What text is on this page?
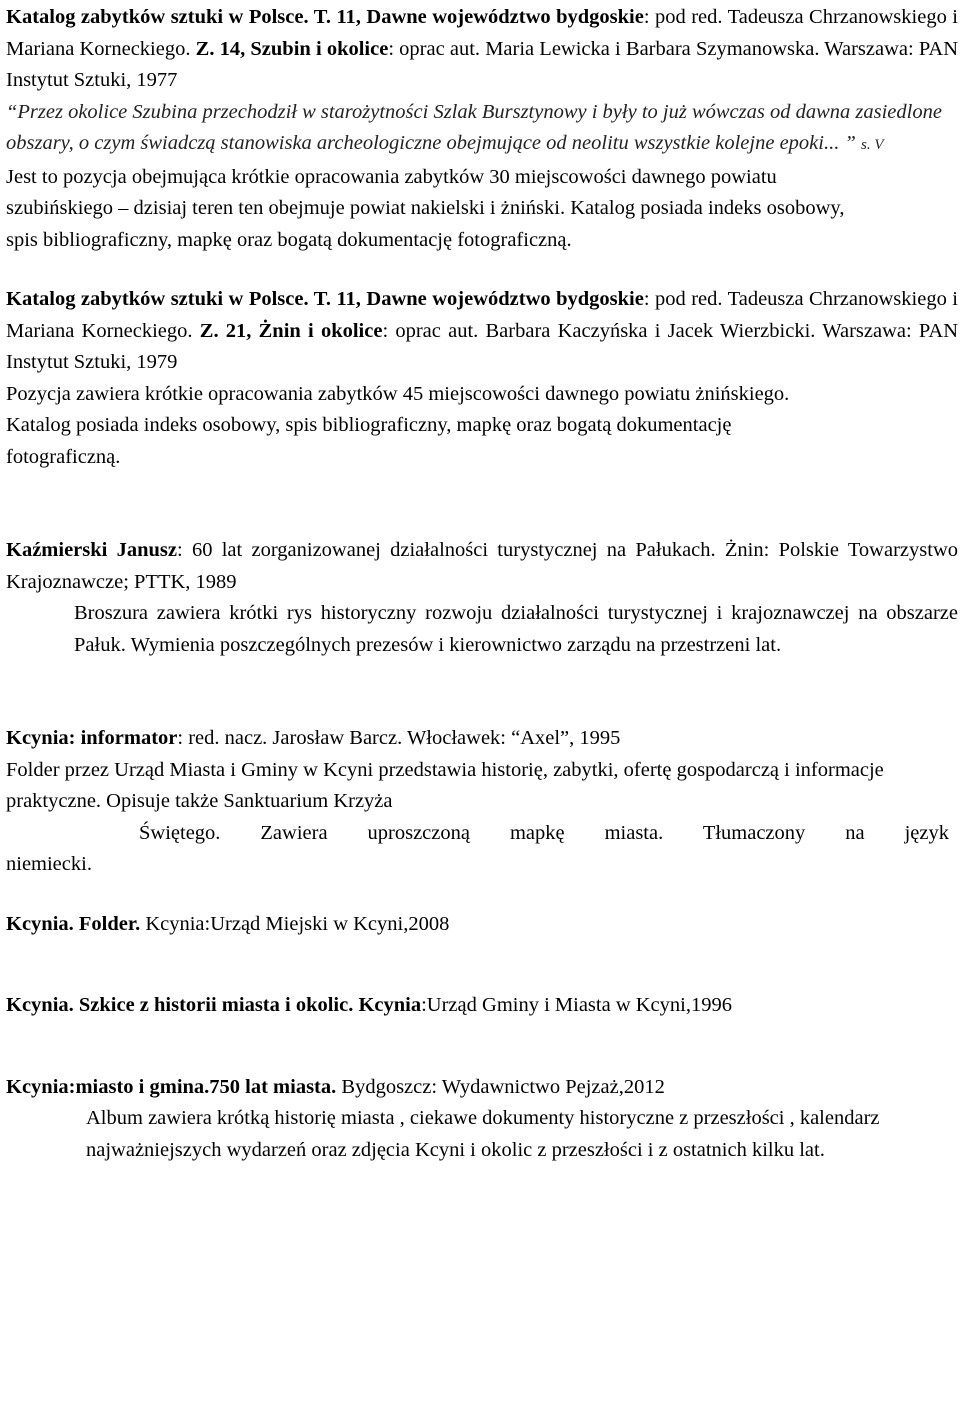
Katalog zabytków sztuki w Polsce. T. 11, Dawne województwo bydgoskie: pod red. Tadeusza Chrzanowskiego i Mariana Korneckiego. Z. 14, Szubin i okolice: oprac aut. Maria Lewicka i Barbara Szymanowska. Warszawa: PAN Instytut Sztuki, 1977

“Przez okolice Szubina przechodził w starożytności Szlak Bursztynowy i były to już wówczas od dawna zasiedlone obszary, o czym świadczą stanowiska archeologiczne obejmujące od neolitu wszystkie kolejne epoki... ” s. V

Jest to pozycja obejmująca krótkie opracowania zabytków 30 miejscowości dawnego powiatu szubińskiego – dzisiaj teren ten obejmuje powiat nakielski i żniński. Katalog posiada indeks osobowy, spis bibliograficzny, mapkę oraz bogatą dokumentację fotograficzną.

Katalog zabytków sztuki w Polsce. T. 11, Dawne województwo bydgoskie: pod red. Tadeusza Chrzanowskiego i Mariana Korneckiego. Z. 21, Żnin i okolice: oprac aut. Barbara Kaczyńska i Jacek Wierzbicki. Warszawa: PAN Instytut Sztuki, 1979

Pozycja zawiera krótkie opracowania zabytków 45 miejscowości dawnego powiatu żnińskiego. Katalog posiada indeks osobowy, spis bibliograficzny, mapkę oraz bogatą dokumentację fotograficzną.

Kaźmierski Janusz: 60 lat zorganizowanej działalności turystycznej na Pałukach. Żnin: Polskie Towarzystwo Krajoznawcze; PTTK, 1989

Broszura zawiera krótki rys historyczny rozwoju działalności turystycznej i krajoznawczej na obszarze Pałuk. Wymienia poszczególnych prezesów i kierownictwo zarządu na przestrzeni lat.

Kcynia: informator: red. nacz. Jarosław Barcz. Włocławek: “Axel”, 1995

Folder przez Urząd Miasta i Gminy w Kcyni przedstawia historię, zabytki, ofertę gospodarczą i informacje praktyczne. Opisuje także Sanktuarium Krzyża

Świętego. Zawiera uproszczoną mapkę miasta. Tłumaczony na język

niemiecki.

Kcynia. Folder. Kcynia:Urząd Miejski w Kcyni,2008

Kcynia. Szkice z historii miasta i okolic. Kcynia:Urząd Gminy i Miasta w Kcyni,1996

Kcynia:miasto i gmina.750 lat miasta. Bydgoszcz: Wydawnictwo Pejzaż,2012

Album zawiera krótką historię miasta , ciekawe dokumenty historyczne z przeszłości , kalendarz najważniejszych wydarzeń oraz zdjęcia Kcyni i okolic z przeszłości i z ostatnich kilku lat.
